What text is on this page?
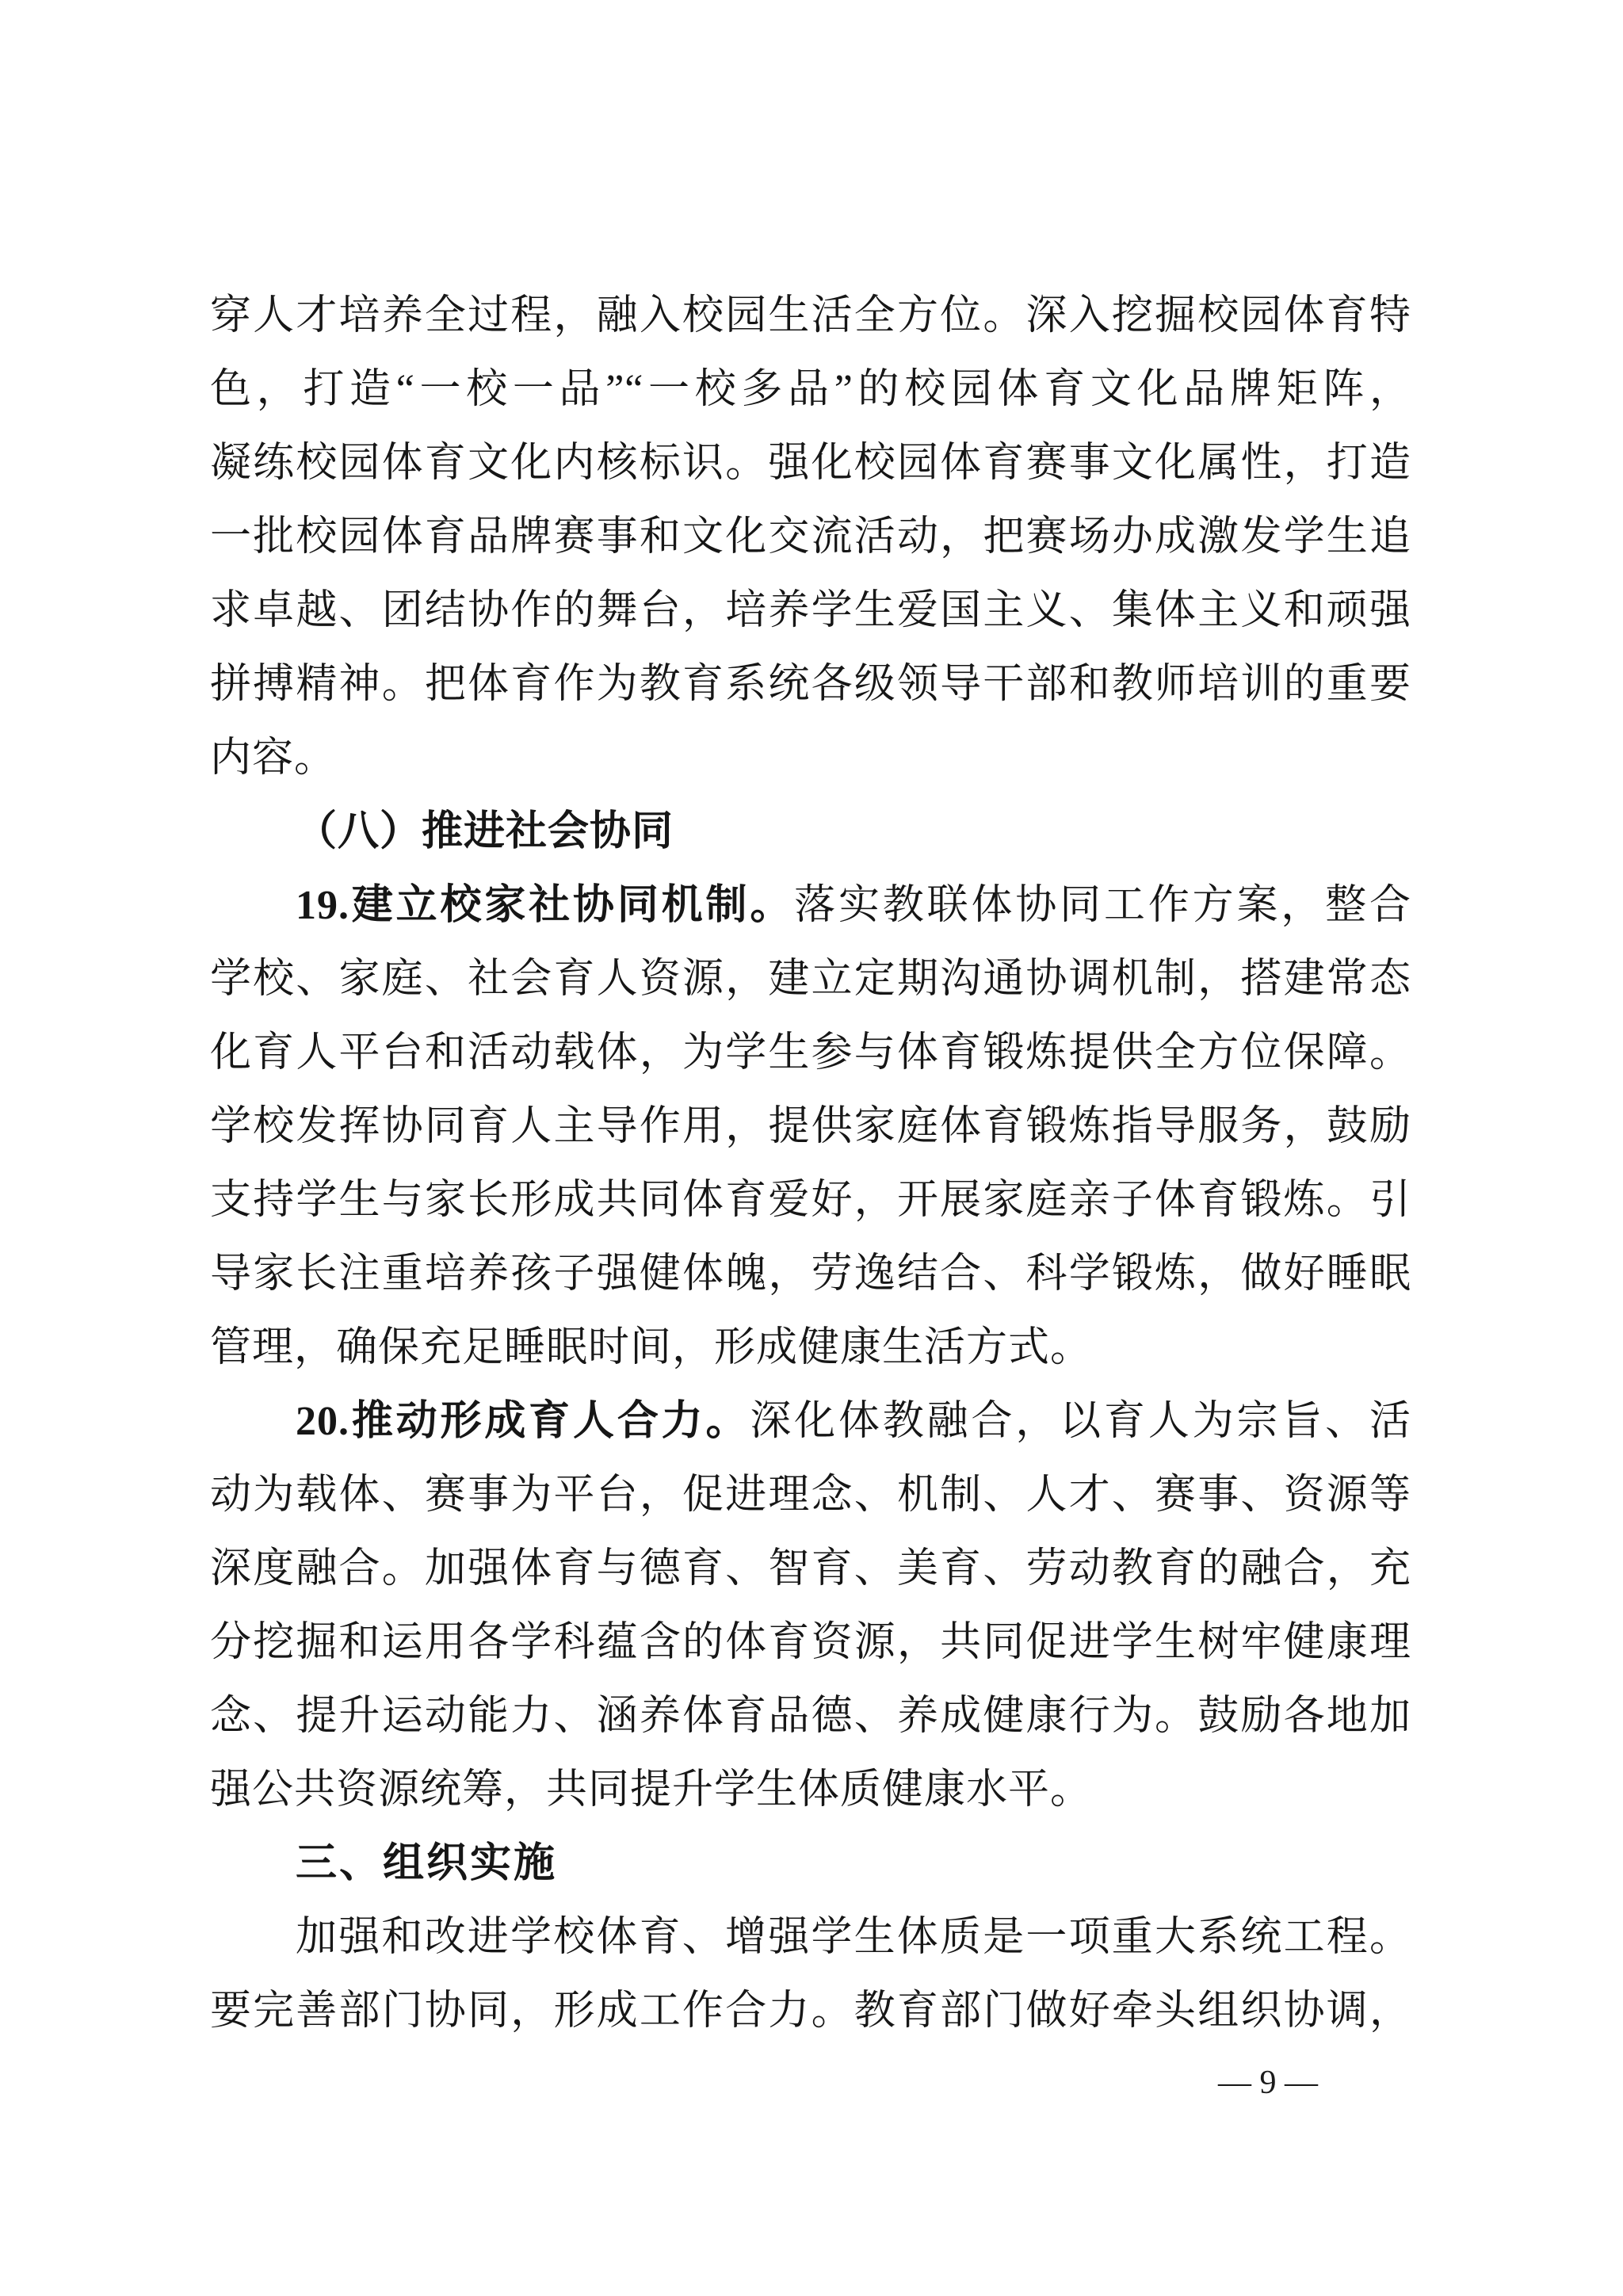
穿人才培养全过程，融入校园生活全方位。深入挖掘校园体育特
色，打造“一校一品”“一校多品”的校园体育文化品牌矩阵，
凝练校园体育文化内核标识。强化校园体育赛事文化属性，打造
一批校园体育品牌赛事和文化交流活动，把赛场办成激发学生追
求卓越、团结协作的舞台，培养学生爱国主义、集体主义和顽强
拼搏精神。把体育作为教育系统各级领导干部和教师培训的重要
内容。
（八）推进社会协同
19.建立校家社协同机制。落实教联体协同工作方案，整合
学校、家庭、社会育人资源，建立定期沟通协调机制，搭建常态
化育人平台和活动载体，为学生参与体育锻炼提供全方位保障。
学校发挥协同育人主导作用，提供家庭体育锻炼指导服务，鼓励
支持学生与家长形成共同体育爱好，开展家庭亲子体育锻炼。引
导家长注重培养孩子强健体魄，劳逸结合、科学锻炼，做好睡眠
管理，确保充足睡眠时间，形成健康生活方式。
20.推动形成育人合力。深化体教融合，以育人为宗旨、活
动为载体、赛事为平台，促进理念、机制、人才、赛事、资源等
深度融合。加强体育与德育、智育、美育、劳动教育的融合，充
分挖掘和运用各学科蕴含的体育资源，共同促进学生树牢健康理
念、提升运动能力、涵养体育品德、养成健康行为。鼓励各地加
强公共资源统筹，共同提升学生体质健康水平。
三、组织实施
加强和改进学校体育、增强学生体质是一项重大系统工程。
要完善部门协同，形成工作合力。教育部门做好牵头组织协调，
— 9 —
